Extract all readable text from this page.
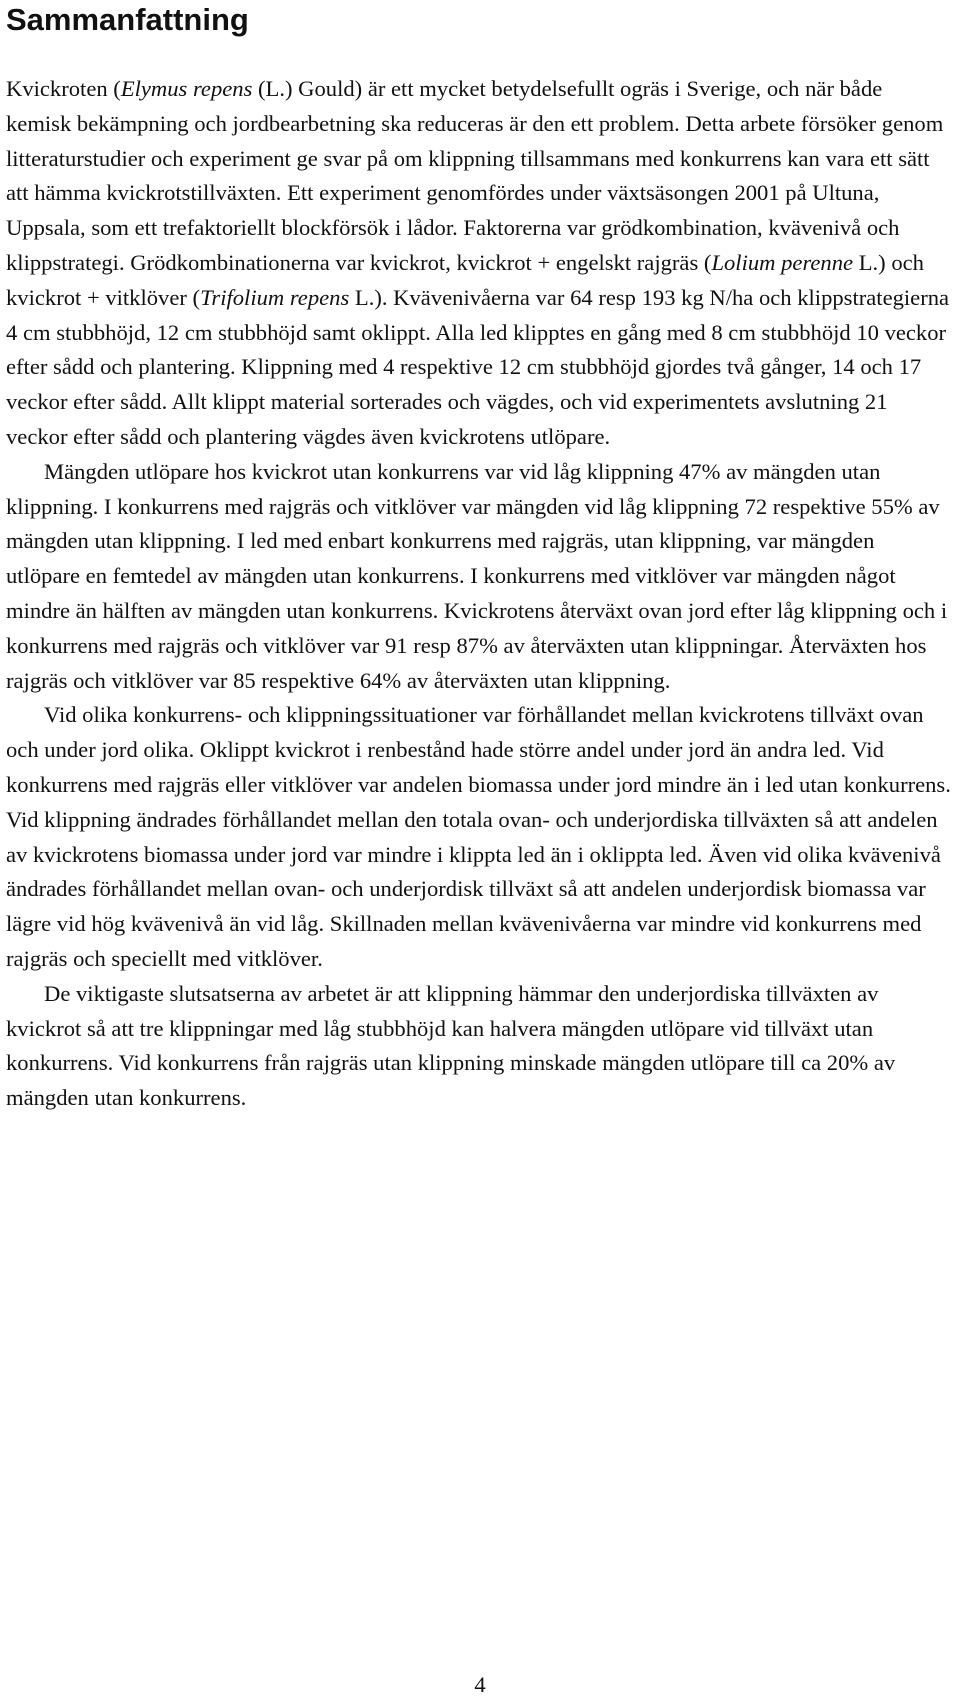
Sammanfattning

Kvickroten (Elymus repens (L.) Gould) är ett mycket betydelsefullt ogräs i Sverige, och när både kemisk bekämpning och jordbearbetning ska reduceras är den ett problem. Detta arbete försöker genom litteraturstudier och experiment ge svar på om klippning tillsammans med konkurrens kan vara ett sätt att hämma kvickrotstillväxten. Ett experiment genomfördes under växtsäsongen 2001 på Ultuna, Uppsala, som ett trefaktoriellt blockförsök i lådor. Faktorerna var grödkombination, kvävenivå och klippstrategi. Grödkombinationerna var kvickrot, kvickrot + engelskt rajgräs (Lolium perenne L.) och kvickrot + vitklöver (Trifolium repens L.). Kvävenivåerna var 64 resp 193 kg N/ha och klippstrategierna 4 cm stubbhöjd, 12 cm stubbhöjd samt oklippt. Alla led klipptes en gång med 8 cm stubbhöjd 10 veckor efter sådd och plantering. Klippning med 4 respektive 12 cm stubbhöjd gjordes två gånger, 14 och 17 veckor efter sådd. Allt klippt material sorterades och vägdes, och vid experimentets avslutning 21 veckor efter sådd och plantering vägdes även kvickrotens utlöpare.

Mängden utlöpare hos kvickrot utan konkurrens var vid låg klippning 47% av mängden utan klippning. I konkurrens med rajgräs och vitklöver var mängden vid låg klippning 72 respektive 55% av mängden utan klippning. I led med enbart konkurrens med rajgräs, utan klippning, var mängden utlöpare en femtedel av mängden utan konkurrens. I konkurrens med vitklöver var mängden något mindre än hälften av mängden utan konkurrens. Kvickrotens återväxt ovan jord efter låg klippning och i konkurrens med rajgräs och vitklöver var 91 resp 87% av återväxten utan klippningar. Återväxten hos rajgräs och vitklöver var 85 respektive 64% av återväxten utan klippning.

Vid olika konkurrens- och klippningssituationer var förhållandet mellan kvickrotens tillväxt ovan och under jord olika. Oklippt kvickrot i renbestånd hade större andel under jord än andra led. Vid konkurrens med rajgräs eller vitklöver var andelen biomassa under jord mindre än i led utan konkurrens. Vid klippning ändrades förhållandet mellan den totala ovan- och underjordiska tillväxten så att andelen av kvickrotens biomassa under jord var mindre i klippta led än i oklippta led. Även vid olika kvävenivå ändrades förhållandet mellan ovan- och underjordisk tillväxt så att andelen underjordisk biomassa var lägre vid hög kvävenivå än vid låg. Skillnaden mellan kvävenivåerna var mindre vid konkurrens med rajgräs och speciellt med vitklöver.

De viktigaste slutsatserna av arbetet är att klippning hämmar den underjordiska tillväxten av kvickrot så att tre klippningar med låg stubbhöjd kan halvera mängden utlöpare vid tillväxt utan konkurrens. Vid konkurrens från rajgräs utan klippning minskade mängden utlöpare till ca 20% av mängden utan konkurrens.

4
